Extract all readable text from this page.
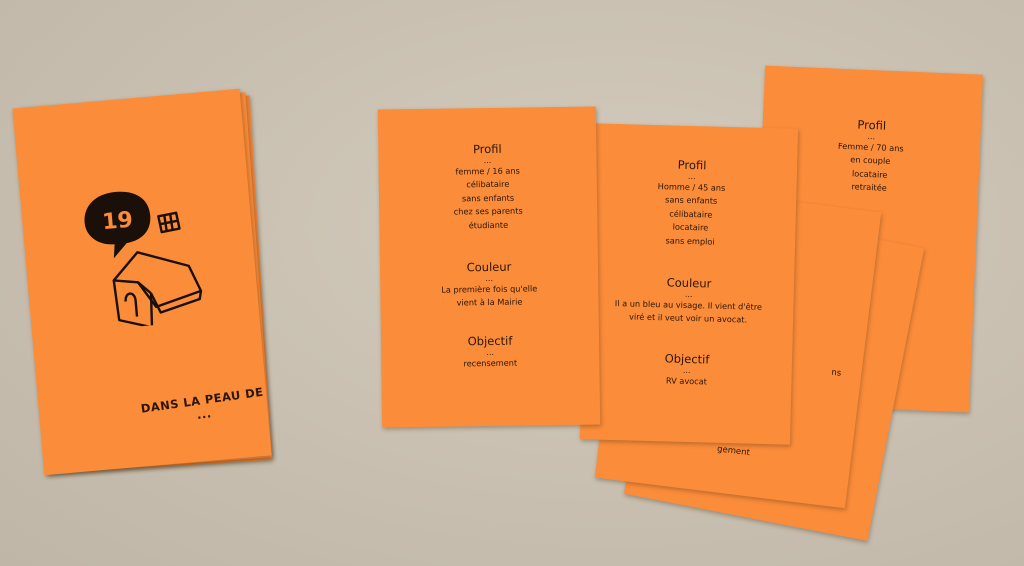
19
DANS LA PEAU DE ...
Profil
...
Femme / 70 ans
en couple
locataire
retraitée
ns
gement
Profil
...
Homme / 45 ans
sans enfants
célibataire
locataire
sans emploi
Couleur
...
Il a un bleu au visage. Il vient d'être
viré et il veut voir un avocat.
Objectif
...
RV avocat
Profil
...
femme / 16 ans
célibataire
sans enfants
chez ses parents
étudiante
Couleur
...
La première fois qu'elle
vient à la Mairie
Objectif
...
recensement
